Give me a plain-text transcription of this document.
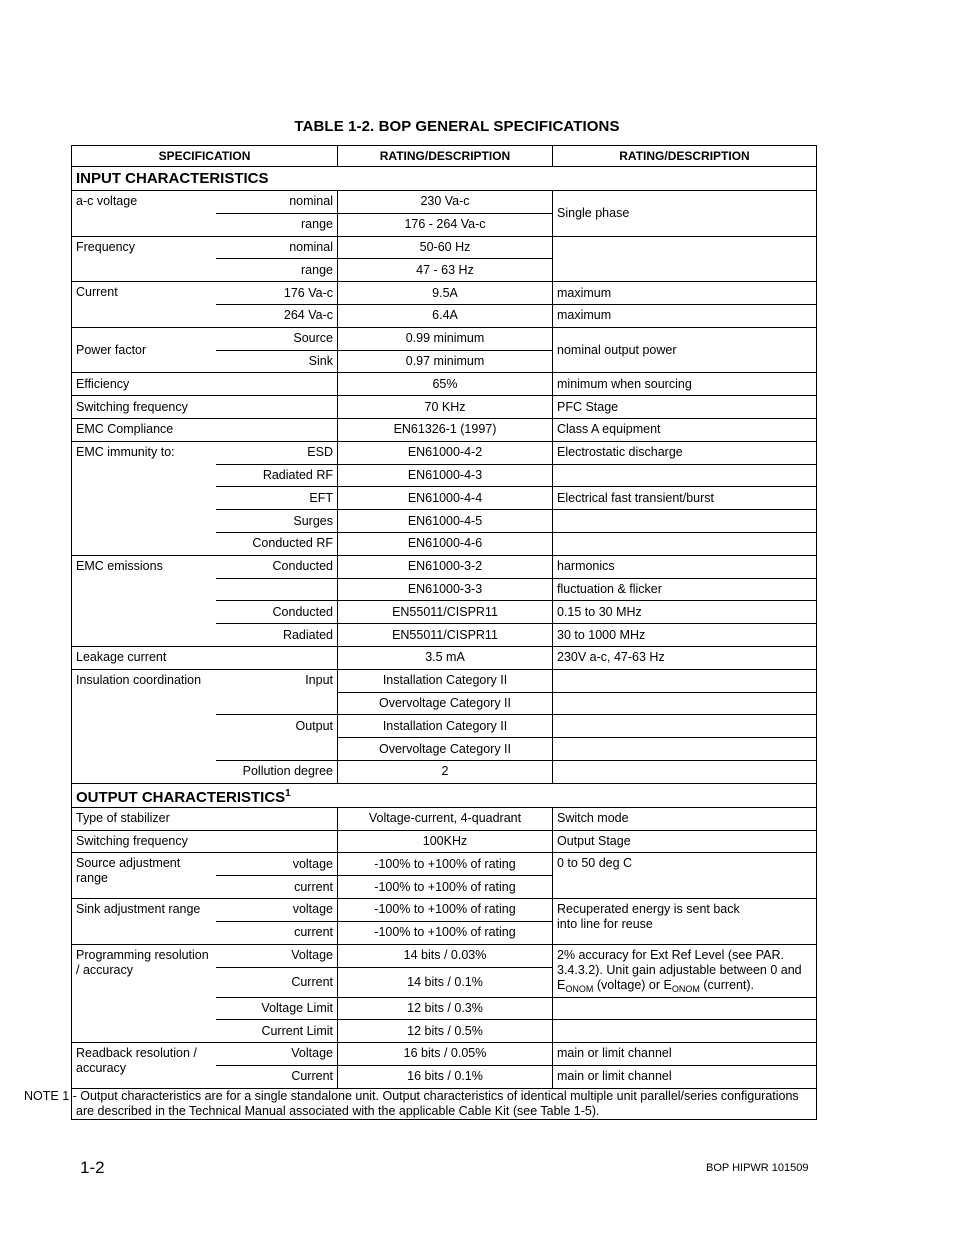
TABLE 1-2. BOP GENERAL SPECIFICATIONS
SPECIFICATION		RATING/DESCRIPTION	RATING/DESCRIPTION
INPUT CHARACTERISTICS			
a-c voltage	nominal	230 Va-c	Single phase
	range	176 - 264 Va-c	
Frequency	nominal	50-60 Hz	
	range	47 - 63 Hz	
Current	176 Va-c	9.5A	maximum
	264 Va-c	6.4A	maximum
Power factor	Source	0.99 minimum	nominal output power
	Sink	0.97 minimum	
Efficiency		65%	minimum when sourcing
Switching frequency		70 KHz	PFC Stage
EMC Compliance		EN61326-1 (1997)	Class A equipment
EMC immunity to:	ESD	EN61000-4-2	Electrostatic discharge
	Radiated RF	EN61000-4-3	
	EFT	EN61000-4-4	Electrical fast transient/burst
	Surges	EN61000-4-5	
	Conducted RF	EN61000-4-6	
EMC emissions	Conducted	EN61000-3-2	harmonics
		EN61000-3-3	fluctuation & flicker
	Conducted	EN55011/CISPR11	0.15 to 30 MHz
	Radiated	EN55011/CISPR11	30 to 1000 MHz
Leakage current		3.5 mA	230V a-c, 47-63 Hz
Insulation coordination	Input	Installation Category II	
		Overvoltage Category II	
	Output	Installation Category II	
		Overvoltage Category II	
	Pollution degree	2	
OUTPUT CHARACTERISTICS$^1$
Type of stabilizer		Voltage-current, 4-quadrant	Switch mode
Switching frequency		100KHz	Output Stage
Source adjustment range	voltage	-100% to +100% of rating	0 to 50 deg C
	current	-100% to +100% of rating	
Sink adjustment range	voltage	-100% to +100% of rating	Recuperated energy is sent back into line for reuse
	current	-100% to +100% of rating	
Programming resolution / accuracy	Voltage	14 bits / 0.03%	2% accuracy for Ext Ref Level (see PAR. 3.4.3.2). Unit gain adjustable between 0 and $E_{ONOM}$ (voltage) or $E_{ONOM}$ (current).
	Current	14 bits / 0.1%	
	Voltage Limit	12 bits / 0.3%	
	Current Limit	12 bits / 0.5%	
Readback resolution / accuracy	Voltage	16 bits / 0.05%	main or limit channel
	Current	16 bits / 0.1%	main or limit channel
NOTE 1 - Output characteristics are for a single standalone unit. Output characteristics of identical multiple unit parallel/series configurations are described in the Technical Manual associated with the applicable Cable Kit (see Table 1-5).			
1-2	BOP HIPWR 101509
